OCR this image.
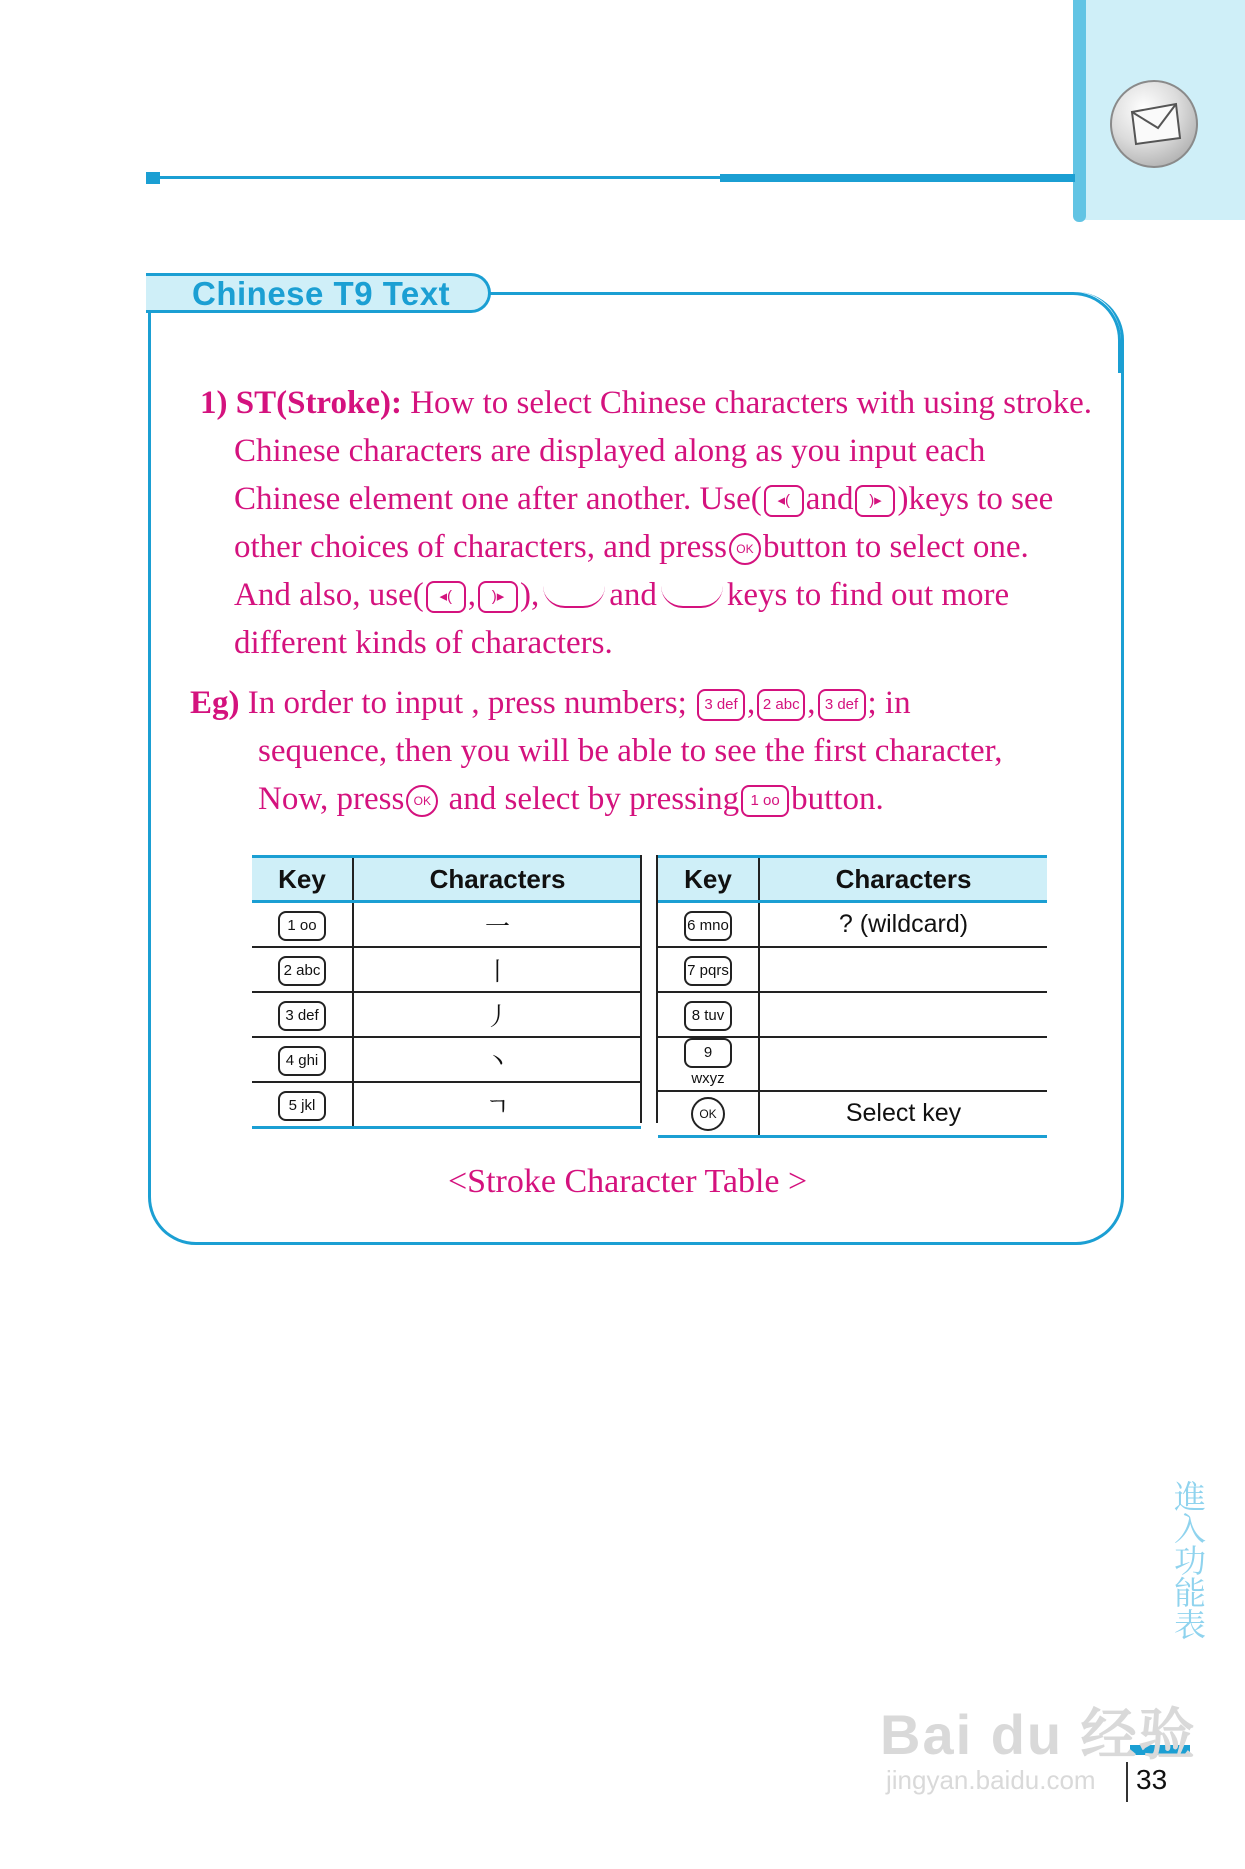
Chinese T9 Text
1) ST(Stroke): How to select Chinese characters with using stroke.
Chinese characters are displayed along as you input each
Chinese element one after another. Use( ◂( and )▸ )keys to see
other choices of characters, and press OK button to select one.
And also, use( ◂( , )▸ ), and keys to find out more
different kinds of characters.
Eg) In order to input , press numbers; 3 def , 2 abc , 3 def ; in
sequence, then you will be able to see the first character,
Now, press OK and select by pressing 1 oo button.
Key	Characters
1 oo	一
2 abc	丨
3 def	丿
4 ghi	丶
5 jkl	ㄱ
Key	Characters
6 mno	? (wildcard)
7 pqrs	
8 tuv	
9 wxyz	
OK	Select key
<Stroke Character Table >
進入功能表
33
Bai du 经验
jingyan.baidu.com
